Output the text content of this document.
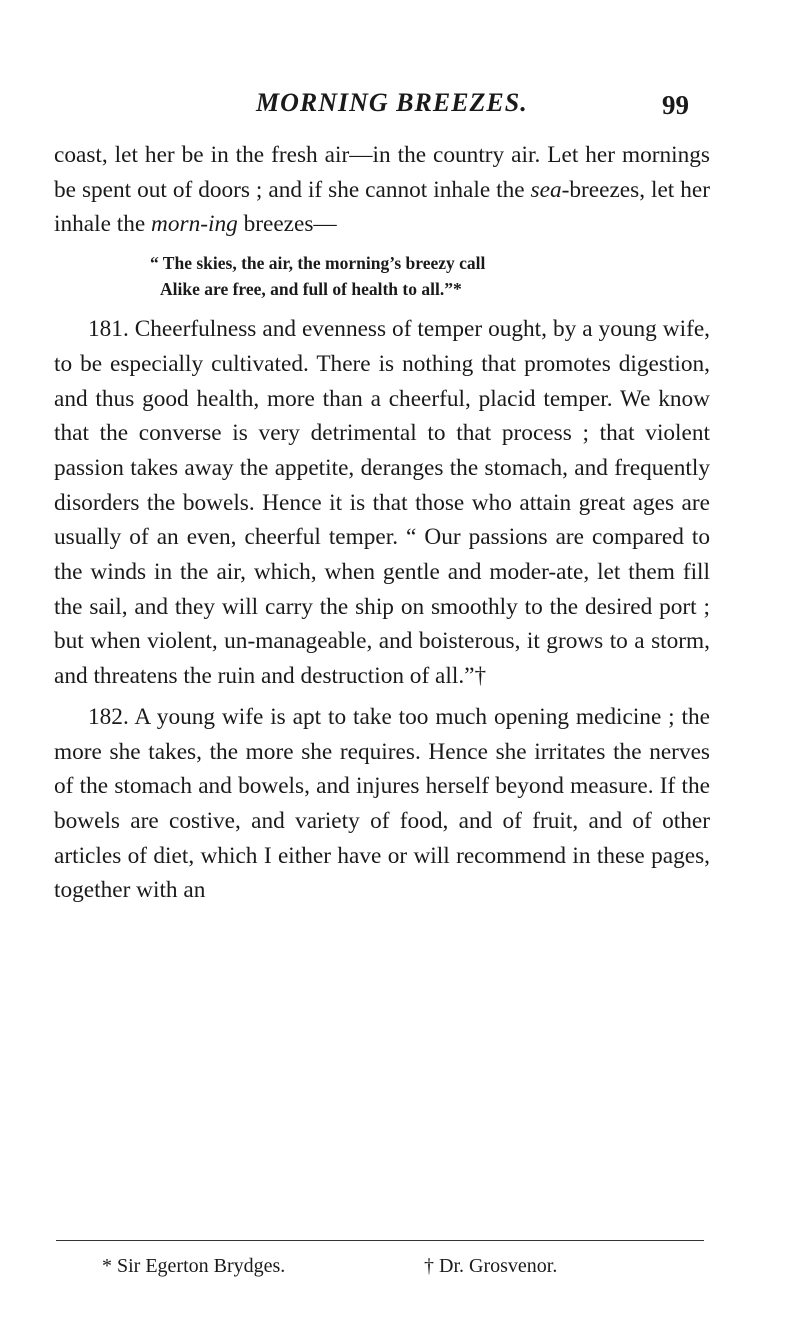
MORNING BREEZES.	99

coast, let her be in the fresh air—in the country air. Let her mornings be spent out of doors ; and if she cannot inhale the sea-breezes, let her inhale the morn-ing breezes—

“ The skies, the air, the morning’s breezy call
Alike are free, and full of health to all.”*

181. Cheerfulness and evenness of temper ought, by a young wife, to be especially cultivated. There is nothing that promotes digestion, and thus good health, more than a cheerful, placid temper. We know that the converse is very detrimental to that process ; that violent passion takes away the appetite, deranges the stomach, and frequently disorders the bowels. Hence it is that those who attain great ages are usually of an even, cheerful temper. “ Our passions are compared to the winds in the air, which, when gentle and moder-ate, let them fill the sail, and they will carry the ship on smoothly to the desired port ; but when violent, un-manageable, and boisterous, it grows to a storm, and threatens the ruin and destruction of all.”†

182. A young wife is apt to take too much opening medicine ; the more she takes, the more she requires. Hence she irritates the nerves of the stomach and bowels, and injures herself beyond measure. If the bowels are costive, and variety of food, and of fruit, and of other articles of diet, which I either have or will recommend in these pages, together with an

* Sir Egerton Brydges.	† Dr. Grosvenor.
